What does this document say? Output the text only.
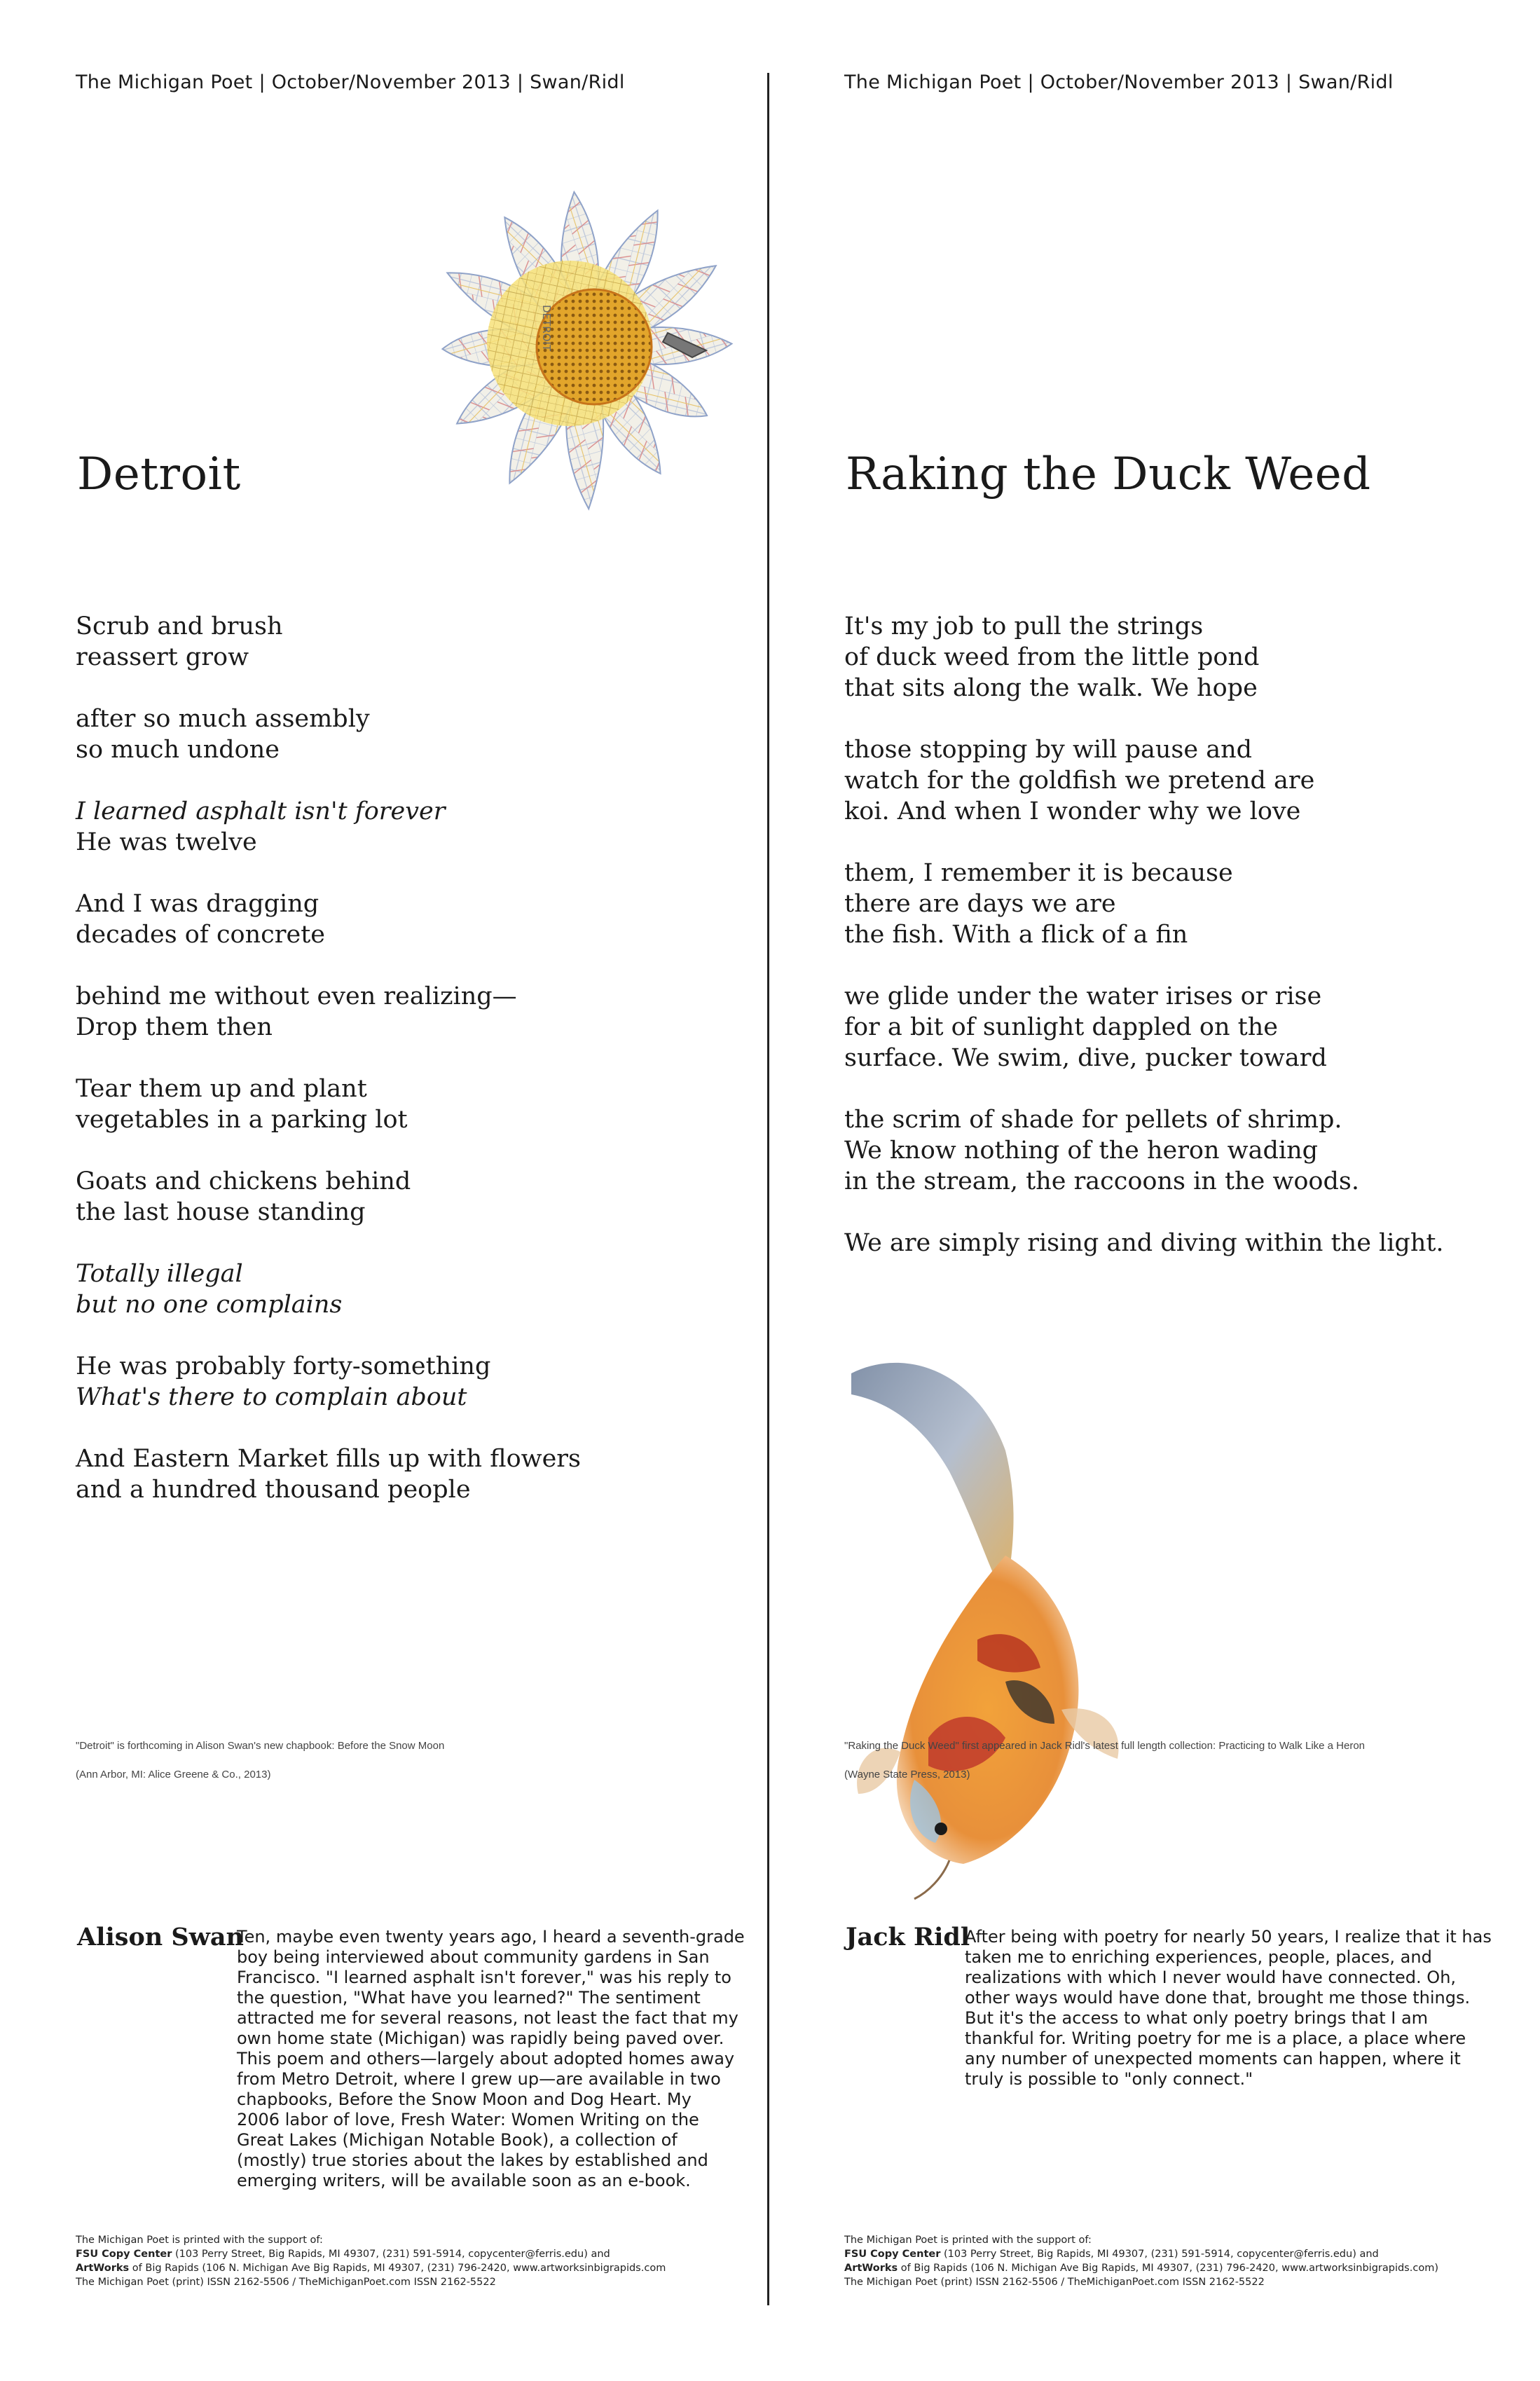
The Michigan Poet | October/November 2013 | Swan/Ridl
DETROIT
Detroit
Scrub and brush
reassert grow
after so much assembly
so much undone
I learned asphalt isn't forever
He was twelve
And I was dragging
decades of concrete
behind me without even realizing—
Drop them then
Tear them up and plant
vegetables in a parking lot
Goats and chickens behind
the last house standing
Totally illegal
but no one complains
He was probably forty-something
What's there to complain about
And Eastern Market fills up with flowers
and a hundred thousand people
"Detroit" is forthcoming in Alison Swan's new chapbook: Before the Snow Moon
(Ann Arbor, MI: Alice Greene & Co., 2013)
Alison Swan
Ten, maybe even twenty years ago, I heard a seventh-grade
boy being interviewed about community gardens in San
Francisco. "I learned asphalt isn't forever," was his reply to
the question, "What have you learned?" The sentiment
attracted me for several reasons, not least the fact that my
own home state (Michigan) was rapidly being paved over.
This poem and others—largely about adopted homes away
from Metro Detroit, where I grew up—are available in two
chapbooks, Before the Snow Moon and Dog Heart. My
2006 labor of love, Fresh Water: Women Writing on the
Great Lakes (Michigan Notable Book), a collection of
(mostly) true stories about the lakes by established and
emerging writers, will be available soon as an e-book.
The Michigan Poet is printed with the support of:
FSU Copy Center (103 Perry Street, Big Rapids, MI 49307, (231) 591-5914, copycenter@ferris.edu) and
ArtWorks of Big Rapids (106 N. Michigan Ave Big Rapids, MI 49307, (231) 796-2420, www.artworksinbigrapids.com
The Michigan Poet (print) ISSN 2162-5506 / TheMichiganPoet.com ISSN 2162-5522
The Michigan Poet | October/November 2013 | Swan/Ridl
Raking the Duck Weed
It's my job to pull the strings
of duck weed from the little pond
that sits along the walk. We hope
those stopping by will pause and
watch for the goldfish we pretend are
koi. And when I wonder why we love
them, I remember it is because
there are days we are
the fish. With a flick of a fin
we glide under the water irises or rise
for a bit of sunlight dappled on the
surface. We swim, dive, pucker toward
the scrim of shade for pellets of shrimp.
We know nothing of the heron wading
in the stream, the raccoons in the woods.
We are simply rising and diving within the light.
"Raking the Duck Weed" first appeared in Jack Ridl's latest full length collection: Practicing to Walk Like a Heron
(Wayne State Press, 2013)
Jack Ridl
After being with poetry for nearly 50 years, I realize that it has
taken me to enriching experiences, people, places, and
realizations with which I never would have connected. Oh,
other ways would have done that, brought me those things.
But it's the access to what only poetry brings that I am
thankful for. Writing poetry for me is a place, a place where
any number of unexpected moments can happen, where it
truly is possible to "only connect."
The Michigan Poet is printed with the support of:
FSU Copy Center (103 Perry Street, Big Rapids, MI 49307, (231) 591-5914, copycenter@ferris.edu) and
ArtWorks of Big Rapids (106 N. Michigan Ave Big Rapids, MI 49307, (231) 796-2420, www.artworksinbigrapids.com)
The Michigan Poet (print) ISSN 2162-5506 / TheMichiganPoet.com ISSN 2162-5522
